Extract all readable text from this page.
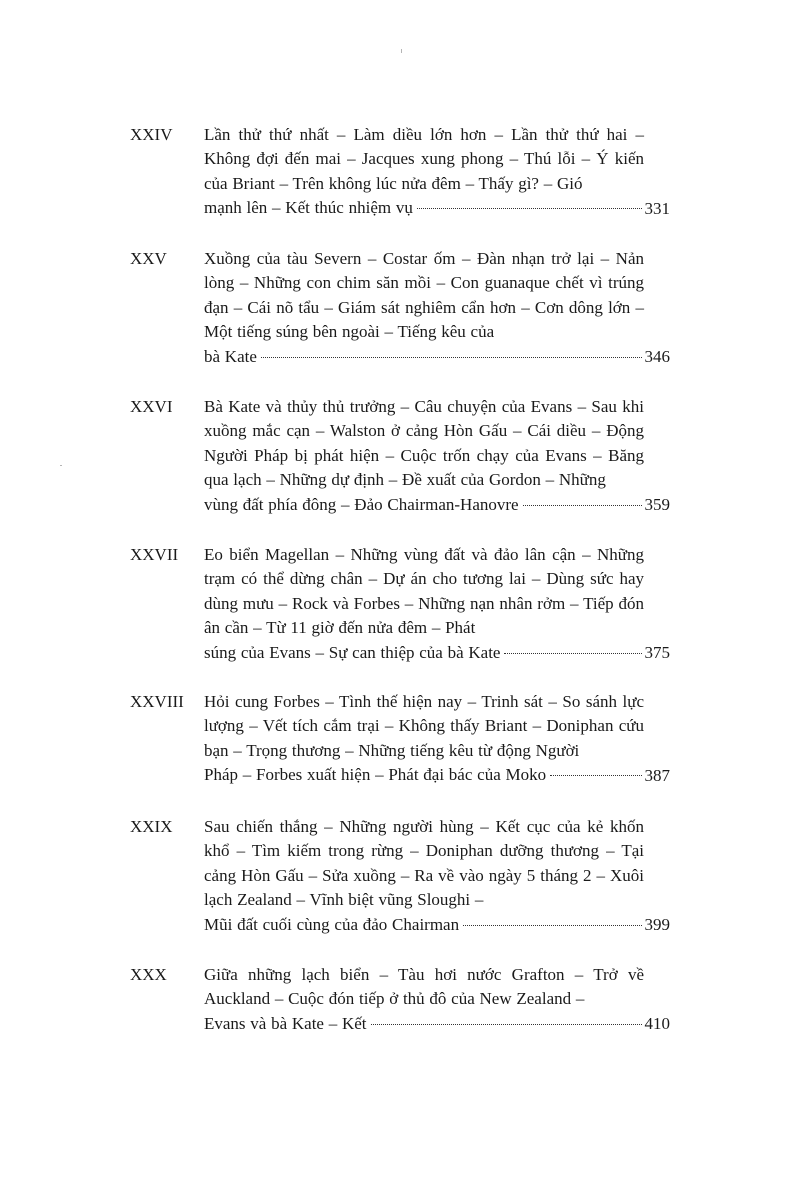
XXIV Lần thử thứ nhất – Làm diều lớn hơn – Lần thử thứ hai – Không đợi đến mai – Jacques xung phong – Thú lỗi – Ý kiến của Briant – Trên không lúc nửa đêm – Thấy gì? – Gió
mạnh lên – Kết thúc nhiệm vụ	331
XXV Xuồng của tàu Severn – Costar ốm – Đàn nhạn trở lại – Nản lòng – Những con chim săn mồi – Con guanaque chết vì trúng đạn – Cái nõ tẩu – Giám sát nghiêm cẩn hơn – Cơn dông lớn – Một tiếng súng bên ngoài – Tiếng kêu của
bà Kate	346
XXVI Bà Kate và thủy thủ trưởng – Câu chuyện của Evans – Sau khi xuồng mắc cạn – Walston ở cảng Hòn Gấu – Cái diều – Động Người Pháp bị phát hiện – Cuộc trốn chạy của Evans – Băng qua lạch – Những dự định – Đề xuất của Gordon – Những
vùng đất phía đông – Đảo Chairman-Hanovre	359
XXVII Eo biển Magellan – Những vùng đất và đảo lân cận – Những trạm có thể dừng chân – Dự án cho tương lai – Dùng sức hay dùng mưu – Rock và Forbes – Những nạn nhân rởm – Tiếp đón ân cần – Từ 11 giờ đến nửa đêm – Phát
súng của Evans – Sự can thiệp của bà Kate	375
XXVIII Hỏi cung Forbes – Tình thế hiện nay – Trinh sát – So sánh lực lượng – Vết tích cắm trại – Không thấy Briant – Doniphan cứu bạn – Trọng thương – Những tiếng kêu từ động Người
Pháp – Forbes xuất hiện – Phát đại bác của Moko	387
XXIX Sau chiến thắng – Những người hùng – Kết cục của kẻ khốn khổ – Tìm kiếm trong rừng – Doniphan dưỡng thương – Tại cảng Hòn Gấu – Sửa xuồng – Ra về vào ngày 5 tháng 2 – Xuôi lạch Zealand – Vĩnh biệt vũng Sloughi –
Mũi đất cuối cùng của đảo Chairman	399
XXX Giữa những lạch biển – Tàu hơi nước Grafton – Trở về Auckland – Cuộc đón tiếp ở thủ đô của New Zealand –
Evans và bà Kate – Kết	410
